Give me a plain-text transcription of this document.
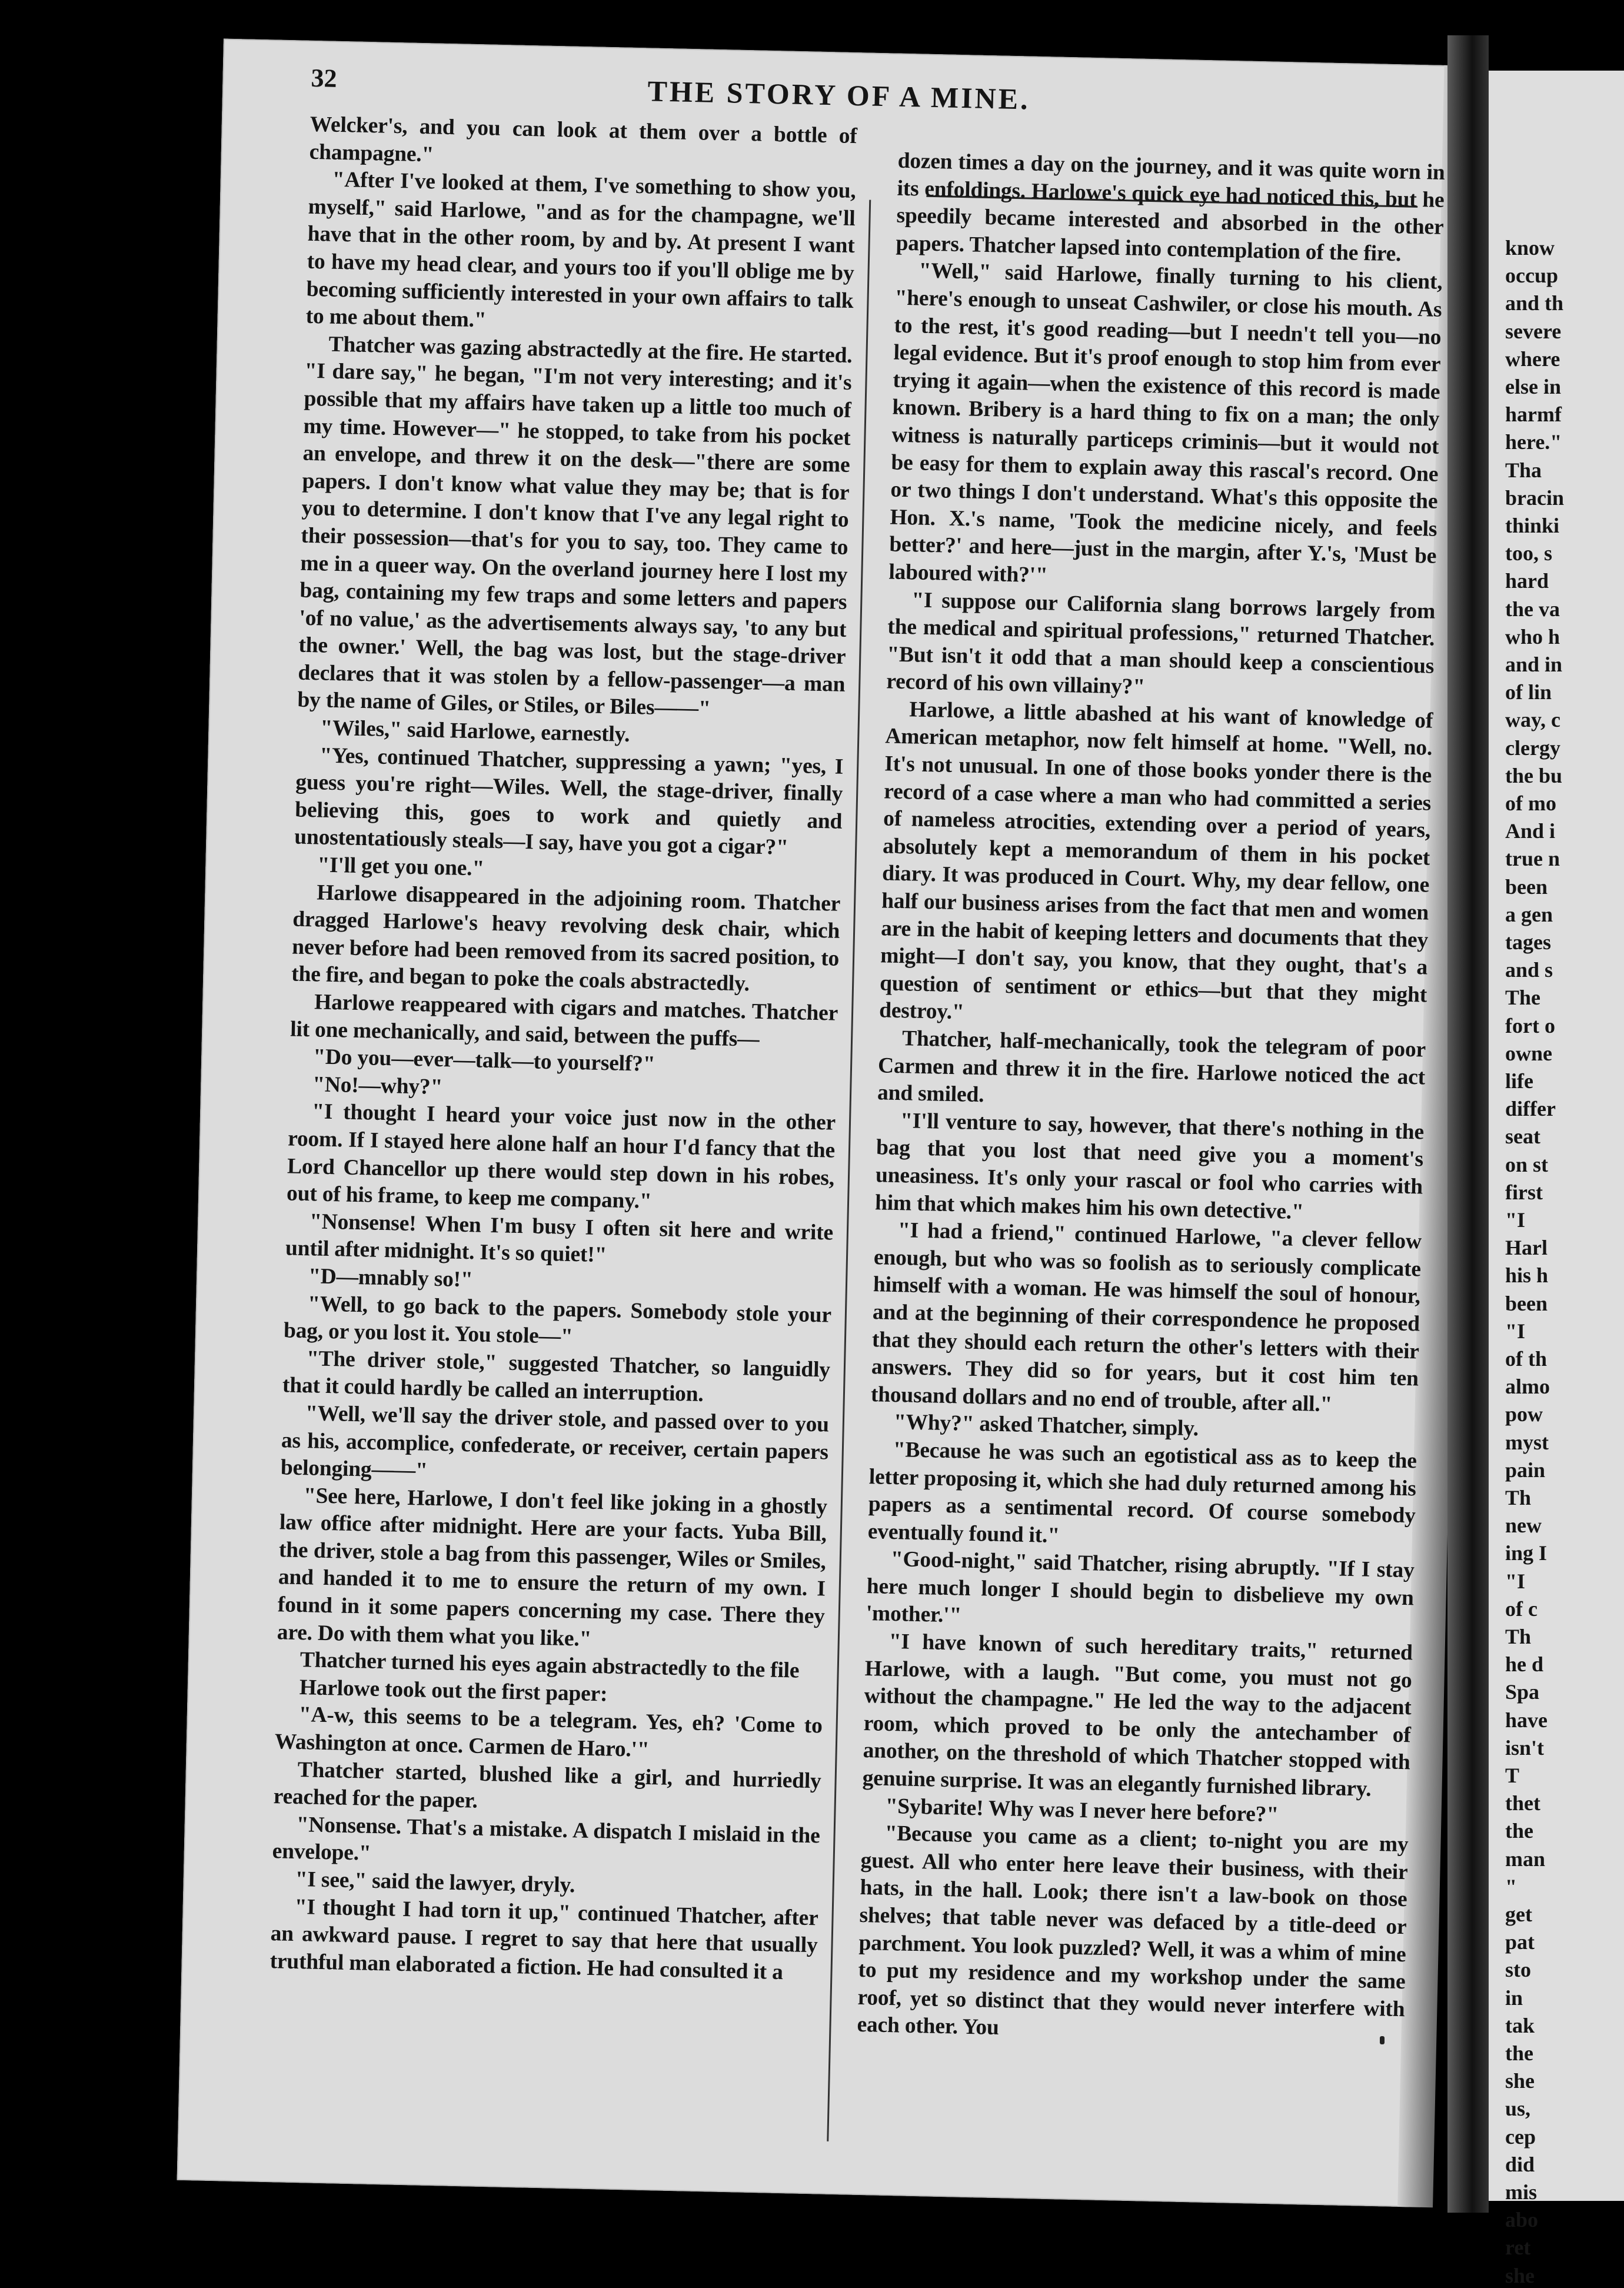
32	THE STORY OF A MINE.

Welcker's, and you can look at them over a bottle of champagne."

"After I've looked at them, I've something to show you, myself," said Harlowe, "and as for the champagne, we'll have that in the other room, by and by. At present I want to have my head clear, and yours too if you'll oblige me by becoming sufficiently interested in your own affairs to talk to me about them."

Thatcher was gazing abstractedly at the fire. He started. "I dare say," he began, "I'm not very interesting; and it's possible that my affairs have taken up a little too much of my time. However—" he stopped, to take from his pocket an envelope, and threw it on the desk—"there are some papers. I don't know what value they may be; that is for you to determine. I don't know that I've any legal right to their possession—that's for you to say, too. They came to me in a queer way. On the overland journey here I lost my bag, containing my few traps and some letters and papers 'of no value,' as the advertisements always say, 'to any but the owner.' Well, the bag was lost, but the stage-driver declares that it was stolen by a fellow-passenger—a man by the name of Giles, or Stiles, or Biles——"

"Wiles," said Harlowe, earnestly.

"Yes, continued Thatcher, suppressing a yawn; "yes, I guess you're right—Wiles. Well, the stage-driver, finally believing this, goes to work and quietly and unostentatiously steals—I say, have you got a cigar?"

"I'll get you one."

Harlowe disappeared in the adjoining room. Thatcher dragged Harlowe's heavy revolving desk chair, which never before had been removed from its sacred position, to the fire, and began to poke the coals abstractedly.

Harlowe reappeared with cigars and matches. Thatcher lit one mechanically, and said, between the puffs—

"Do you—ever—talk—to yourself?"

"No!—why?"

"I thought I heard your voice just now in the other room. If I stayed here alone half an hour I'd fancy that the Lord Chancellor up there would step down in his robes, out of his frame, to keep me company."

"Nonsense! When I'm busy I often sit here and write until after midnight. It's so quiet!"

"D—mnably so!"

"Well, to go back to the papers. Somebody stole your bag, or you lost it. You stole—"

"The driver stole," suggested Thatcher, so languidly that it could hardly be called an interruption.

"Well, we'll say the driver stole, and passed over to you as his, accomplice, confederate, or receiver, certain papers belonging——"

"See here, Harlowe, I don't feel like joking in a ghostly law office after midnight. Here are your facts. Yuba Bill, the driver, stole a bag from this passenger, Wiles or Smiles, and handed it to me to ensure the return of my own. I found in it some papers concerning my case. There they are. Do with them what you like."

Thatcher turned his eyes again abstractedly to the file

Harlowe took out the first paper:

"A-w, this seems to be a telegram. Yes, eh? 'Come to Washington at once. Carmen de Haro.'"

Thatcher started, blushed like a girl, and hurriedly reached for the paper.

"Nonsense. That's a mistake. A dispatch I mislaid in the envelope."

"I see," said the lawyer, dryly.

"I thought I had torn it up," continued Thatcher, after an awkward pause. I regret to say that here that usually truthful man elaborated a fiction. He had consulted it a

dozen times a day on the journey, and it was quite worn in its enfoldings. Harlowe's quick eye had noticed this, but he speedily became interested and absorbed in the other papers. Thatcher lapsed into contemplation of the fire.

"Well," said Harlowe, finally turning to his client, "here's enough to unseat Cashwiler, or close his mouth. As to the rest, it's good reading—but I needn't tell you—no legal evidence. But it's proof enough to stop him from ever trying it again—when the existence of this record is made known. Bribery is a hard thing to fix on a man; the only witness is naturally particeps criminis—but it would not be easy for them to explain away this rascal's record. One or two things I don't understand. What's this opposite the Hon. X.'s name, 'Took the medicine nicely, and feels better?' and here—just in the margin, after Y.'s, 'Must be laboured with?'"

"I suppose our California slang borrows largely from the medical and spiritual professions," returned Thatcher. "But isn't it odd that a man should keep a conscientious record of his own villainy?"

Harlowe, a little abashed at his want of knowledge of American metaphor, now felt himself at home. "Well, no. It's not unusual. In one of those books yonder there is the record of a case where a man who had committed a series of nameless atrocities, extending over a period of years, absolutely kept a memorandum of them in his pocket diary. It was produced in Court. Why, my dear fellow, one half our business arises from the fact that men and women are in the habit of keeping letters and documents that they might—I don't say, you know, that they ought, that's a question of sentiment or ethics—but that they might destroy."

Thatcher, half-mechanically, took the telegram of poor Carmen and threw it in the fire. Harlowe noticed the act and smiled.

"I'll venture to say, however, that there's nothing in the bag that you lost that need give you a moment's uneasiness. It's only your rascal or fool who carries with him that which makes him his own detective."

"I had a friend," continued Harlowe, "a clever fellow enough, but who was so foolish as to seriously complicate himself with a woman. He was himself the soul of honour, and at the beginning of their correspondence he proposed that they should each return the other's letters with their answers. They did so for years, but it cost him ten thousand dollars and no end of trouble, after all."

"Why?" asked Thatcher, simply.

"Because he was such an egotistical ass as to keep the letter proposing it, which she had duly returned among his papers as a sentimental record. Of course somebody eventually found it."

"Good-night," said Thatcher, rising abruptly. "If I stay here much longer I should begin to disbelieve my own 'mother.'"

"I have known of such hereditary traits," returned Harlowe, with a laugh. "But come, you must not go without the champagne." He led the way to the adjacent room, which proved to be only the antechamber of another, on the threshold of which Thatcher stopped with genuine surprise. It was an elegantly furnished library.

"Sybarite! Why was I never here before?"

"Because you came as a client; to-night you are my guest. All who enter here leave their business, with their hats, in the hall. Look; there isn't a law-book on those shelves; that table never was defaced by a title-deed or parchment. You look puzzled? Well, it was a whim of mine to put my residence and my workshop under the same roof, yet so distinct that they would never interfere with each other. You

know
occup
and th
severe
where
else in
harmf
here."
Tha
bracin
thinki
too, s
hard
the va
who h
and in
of lin
way, c
clergy
the bu
of mo
And i
true n
been
a gen
tages
and s
The
fort o
owne
life
differ
seat
on st
first
"I
Harl
his h
been
"I
of th
almo
pow
myst
pain
Th
new
ing I
"I
of c
Th
he d
Spa
have
isn't
T
thet
the
man
"
get
pat
sto
in
tak
the
she
us,
cep
did
mis
abo
ret
she
